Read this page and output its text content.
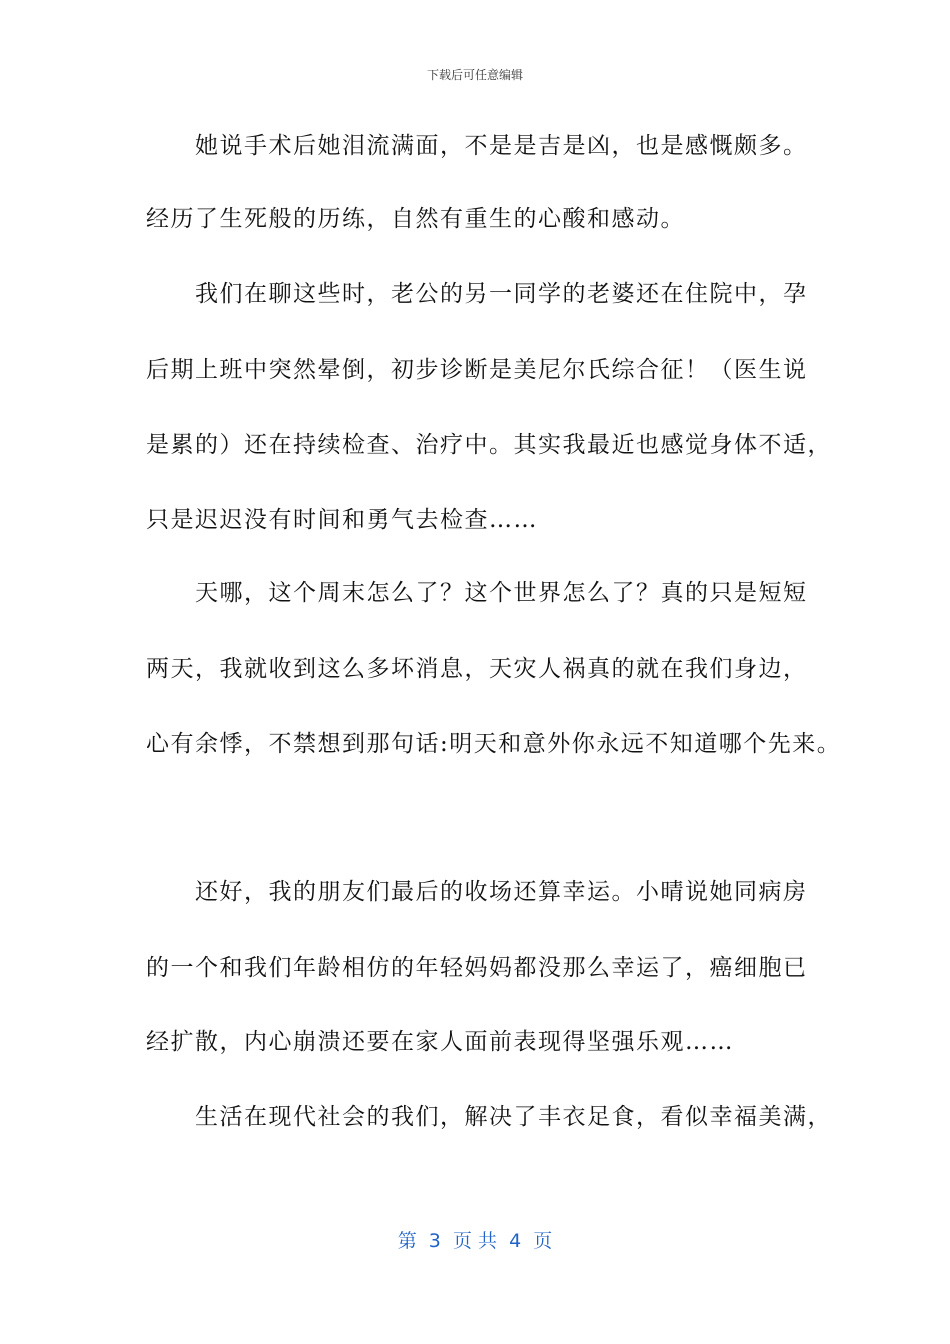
下载后可任意编辑
　　她说手术后她泪流满面，不是是吉是凶，也是感慨颇多。
经历了生死般的历练，自然有重生的心酸和感动。
　　我们在聊这些时，老公的另一同学的老婆还在住院中，孕
后期上班中突然晕倒，初步诊断是美尼尔氏综合征！（医生说
是累的）还在持续检查、治疗中。其实我最近也感觉身体不适，
只是迟迟没有时间和勇气去检查……
　　天哪，这个周末怎么了？这个世界怎么了？真的只是短短
两天，我就收到这么多坏消息，天灾人祸真的就在我们身边，
心有余悸，不禁想到那句话:明天和意外你永远不知道哪个先来。
　　还好，我的朋友们最后的收场还算幸运。小晴说她同病房
的一个和我们年龄相仿的年轻妈妈都没那么幸运了，癌细胞已
经扩散，内心崩溃还要在家人面前表现得坚强乐观……
　　生活在现代社会的我们，解决了丰衣足食，看似幸福美满，
第  3  页 共  4  页
